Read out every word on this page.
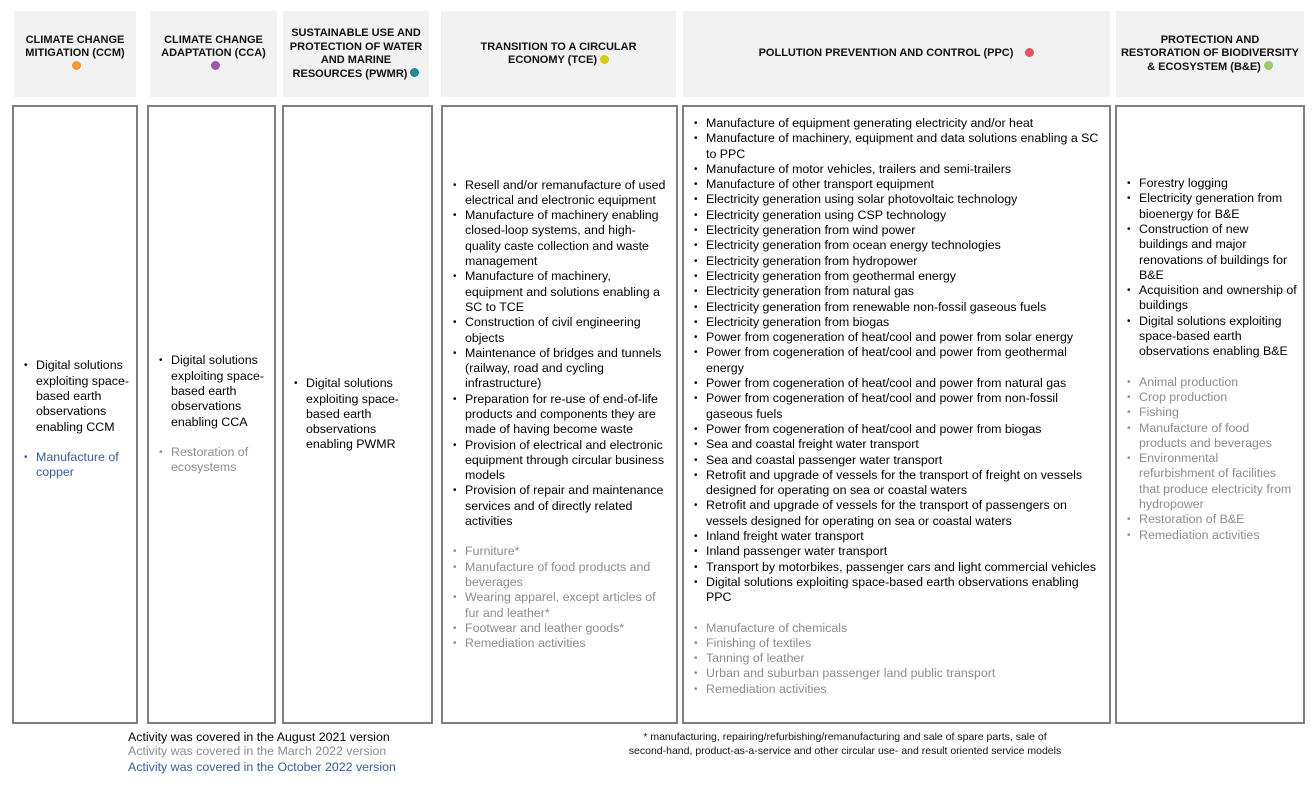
CLIMATE CHANGE MITIGATION (CCM)
CLIMATE CHANGE ADAPTATION (CCA)
SUSTAINABLE USE AND PROTECTION OF WATER AND MARINE RESOURCES (PWMR)
TRANSITION TO A CIRCULAR ECONOMY (TCE)
POLLUTION PREVENTION AND CONTROL (PPC)
PROTECTION AND RESTORATION OF BIODIVERSITY & ECOSYSTEM (B&E)
• Digital solutions exploiting space-based earth observations enabling CCM
• Manufacture of copper
• Digital solutions exploiting space-based earth observations enabling CCA
• Restoration of ecosystems
• Digital solutions exploiting space-based earth observations enabling PWMR
• Resell and/or remanufacture of used electrical and electronic equipment
• Manufacture of machinery enabling closed-loop systems, and high-quality caste collection and waste management
• Manufacture of machinery, equipment and solutions enabling a SC to TCE
• Construction of civil engineering objects
• Maintenance of bridges and tunnels (railway, road and cycling infrastructure)
• Preparation for re-use of end-of-life products and components they are made of having become waste
• Provision of electrical and electronic equipment through circular business models
• Provision of repair and maintenance services and of directly related activities
• Furniture*
• Manufacture of food products and beverages
• Wearing apparel, except articles of fur and leather*
• Footwear and leather goods*
• Remediation activities
• Manufacture of equipment generating electricity and/or heat
• Manufacture of machinery, equipment and data solutions enabling a SC to PPC
• Manufacture of motor vehicles, trailers and semi-trailers
• Manufacture of other transport equipment
• Electricity generation using solar photovoltaic technology
• Electricity generation using CSP technology
• Electricity generation from wind power
• Electricity generation from ocean energy technologies
• Electricity generation from hydropower
• Electricity generation from geothermal energy
• Electricity generation from natural gas
• Electricity generation from renewable non-fossil gaseous fuels
• Electricity generation from biogas
• Power from cogeneration of heat/cool and power from solar energy
• Power from cogeneration of heat/cool and power from geothermal energy
• Power from cogeneration of heat/cool and power from natural gas
• Power from cogeneration of heat/cool and power from non-fossil gaseous fuels
• Power from cogeneration of heat/cool and power from biogas
• Sea and coastal freight water transport
• Sea and coastal passenger water transport
• Retrofit and upgrade of vessels for the transport of freight on vessels designed for operating on sea or coastal waters
• Retrofit and upgrade of vessels for the transport of passengers on vessels designed for operating on sea or coastal waters
• Inland freight water transport
• Inland passenger water transport
• Transport by motorbikes, passenger cars and light commercial vehicles
• Digital solutions exploiting space-based earth observations enabling PPC
• Manufacture of chemicals
• Finishing of textiles
• Tanning of leather
• Urban and suburban passenger land public transport
• Remediation activities
• Forestry logging
• Electricity generation from bioenergy for B&E
• Construction of new buildings and major renovations of buildings for B&E
• Acquisition and ownership of buildings
• Digital solutions exploiting space-based earth observations enabling B&E
• Animal production
• Crop production
• Fishing
• Manufacture of food products and beverages
• Environmental refurbishment of facilities that produce electricity from hydropower
• Restoration of B&E
• Remediation activities
Activity was covered in the August 2021 version
Activity was covered in the March 2022 version
Activity was covered in the October 2022 version
* manufacturing, repairing/refurbishing/remanufacturing and sale of spare parts, sale of second-hand, product-as-a-service and other circular use- and result oriented service models
